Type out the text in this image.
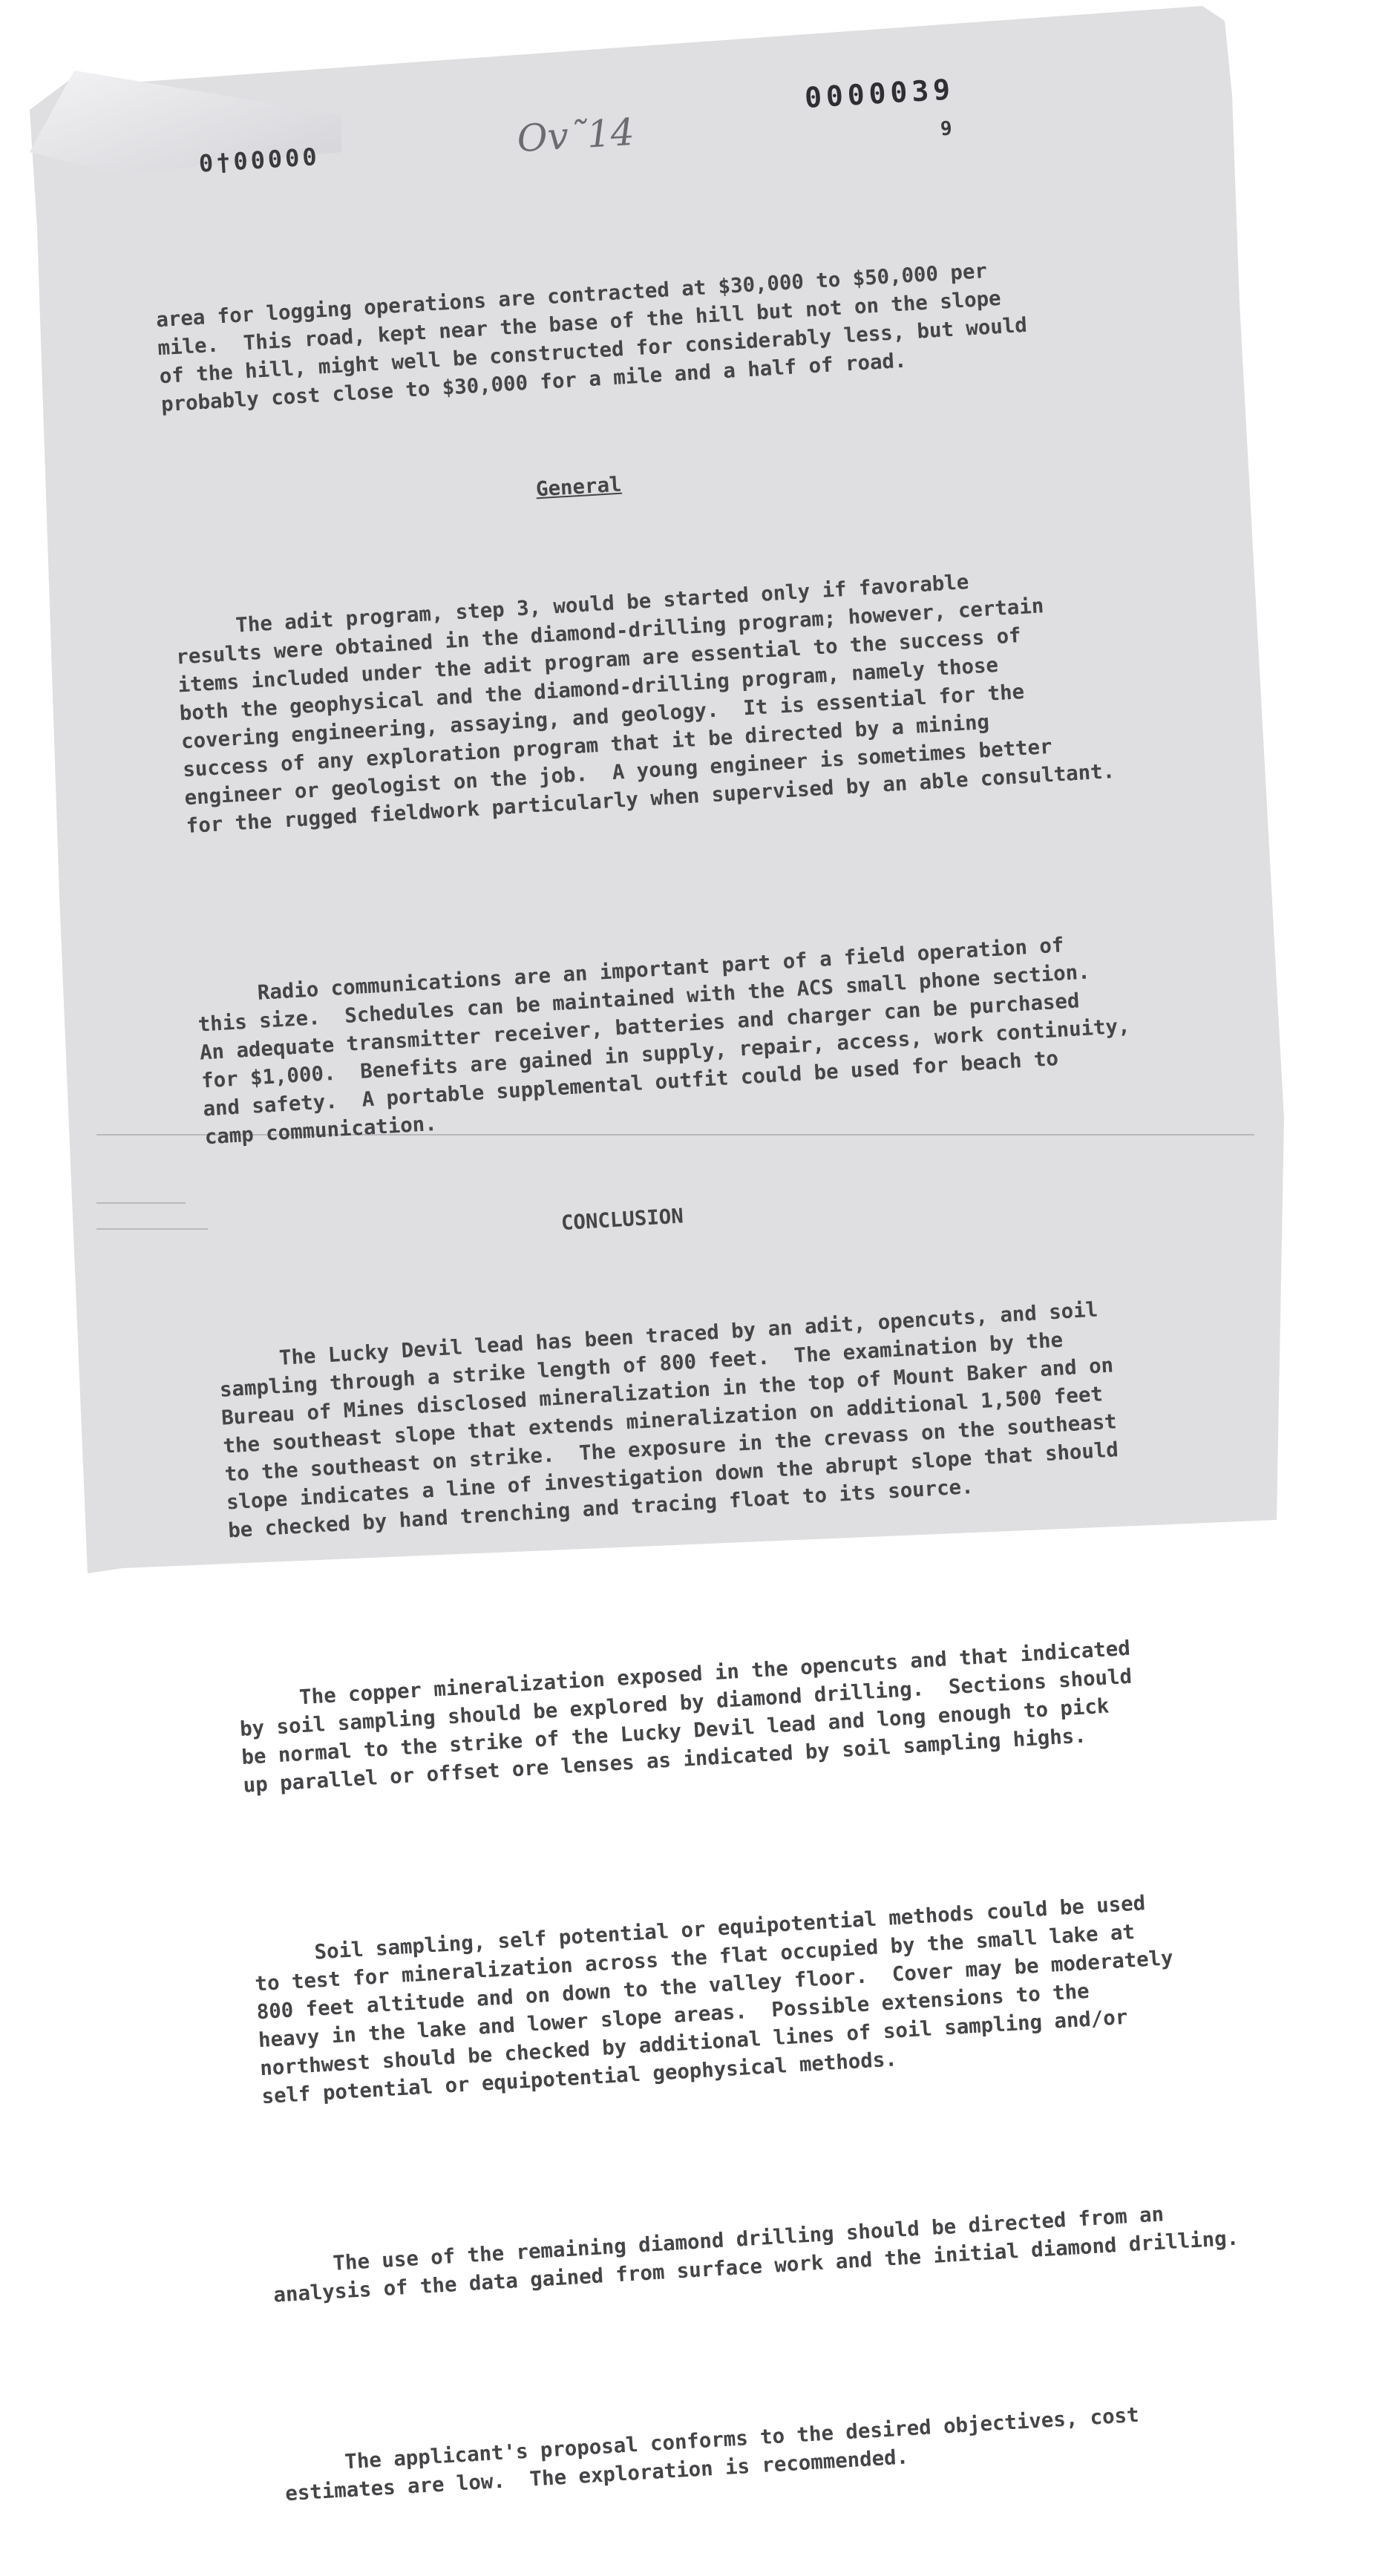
0†00000	Ov˜14
0000039
9

area for logging operations are contracted at $30,000 to $50,000 per
mile.  This road, kept near the base of the hill but not on the slope
of the hill, might well be constructed for considerably less, but would
probably cost close to $30,000 for a mile and a half of road.

General

The adit program, step 3, would be started only if favorable
results were obtained in the diamond-drilling program; however, certain
items included under the adit program are essential to the success of
both the geophysical and the diamond-drilling program, namely those
covering engineering, assaying, and geology.  It is essential for the
success of any exploration program that it be directed by a mining
engineer or geologist on the job.  A young engineer is sometimes better
for the rugged fieldwork particularly when supervised by an able consultant.

Radio communications are an important part of a field operation of
this size.  Schedules can be maintained with the ACS small phone section.
An adequate transmitter receiver, batteries and charger can be purchased
for $1,000.  Benefits are gained in supply, repair, access, work continuity,
and safety.  A portable supplemental outfit could be used for beach to
camp communication.

CONCLUSION

The Lucky Devil lead has been traced by an adit, opencuts, and soil
sampling through a strike length of 800 feet.  The examination by the
Bureau of Mines disclosed mineralization in the top of Mount Baker and on
the southeast slope that extends mineralization on additional 1,500 feet
to the southeast on strike.  The exposure in the crevass on the southeast
slope indicates a line of investigation down the abrupt slope that should
be checked by hand trenching and tracing float to its source.

The copper mineralization exposed in the opencuts and that indicated
by soil sampling should be explored by diamond drilling.  Sections should
be normal to the strike of the Lucky Devil lead and long enough to pick
up parallel or offset ore lenses as indicated by soil sampling highs.

Soil sampling, self potential or equipotential methods could be used
to test for mineralization across the flat occupied by the small lake at
800 feet altitude and on down to the valley floor.  Cover may be moderately
heavy in the lake and lower slope areas.  Possible extensions to the
northwest should be checked by additional lines of soil sampling and/or
self potential or equipotential geophysical methods.

The use of the remaining diamond drilling should be directed from an
analysis of the data gained from surface work and the initial diamond drilling.

The applicant's proposal conforms to the desired objectives, cost
estimates are low.  The exploration is recommended.
